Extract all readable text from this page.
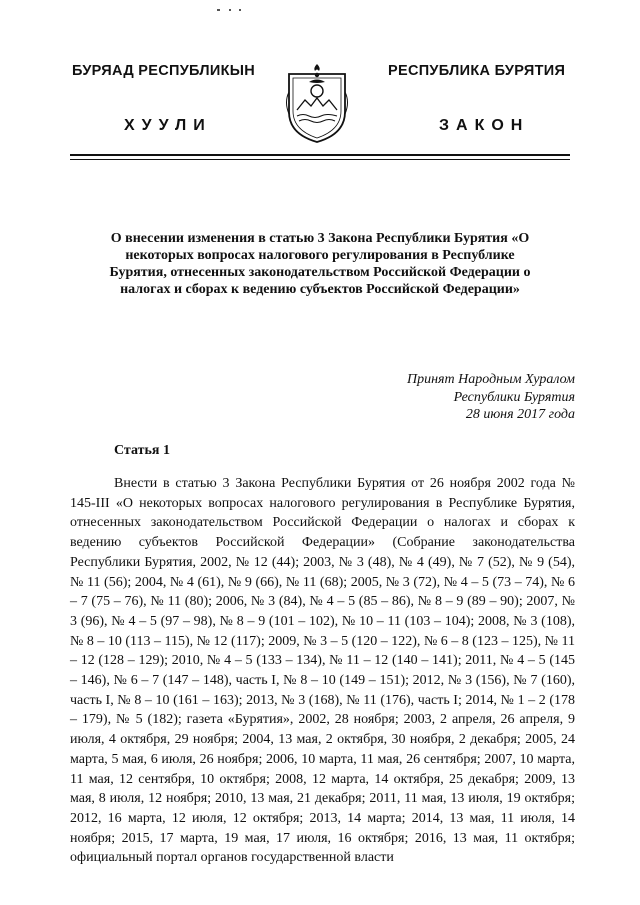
БУРЯАД РЕСПУБЛИКЫН	РЕСПУБЛИКА БУРЯТИЯ
ХУУЛИ	ЗАКОН
О внесении изменения в статью 3 Закона Республики Бурятия «О некоторых вопросах налогового регулирования в Республике Бурятия, отнесенных законодательством Российской Федерации о налогах и сборах к ведению субъектов Российской Федерации»
Принят Народным Хуралом
Республики Бурятия
28 июня 2017 года
Статья 1

Внести в статью 3 Закона Республики Бурятия от 26 ноября 2002 года № 145-III «О некоторых вопросах налогового регулирования в Республике Бурятия, отнесенных законодательством Российской Федерации о налогах и сборах к ведению субъектов Российской Федерации» (Собрание законодательства Республики Бурятия, 2002, № 12 (44); 2003, № 3 (48), № 4 (49), № 7 (52), № 9 (54), № 11 (56); 2004, № 4 (61), № 9 (66), № 11 (68); 2005, № 3 (72), № 4 – 5 (73 – 74), № 6 – 7 (75 – 76), № 11 (80); 2006, № 3 (84), № 4 – 5 (85 – 86), № 8 – 9 (89 – 90); 2007, № 3 (96), № 4 – 5 (97 – 98), № 8 – 9 (101 – 102), № 10 – 11 (103 – 104); 2008, № 3 (108), № 8 – 10 (113 – 115), № 12 (117); 2009, № 3 – 5 (120 – 122), № 6 – 8 (123 – 125), № 11 – 12 (128 – 129); 2010, № 4 – 5 (133 – 134), № 11 – 12 (140 – 141); 2011, № 4 – 5 (145 – 146), № 6 – 7 (147 – 148), часть I, № 8 – 10 (149 – 151); 2012, № 3 (156), № 7 (160), часть I, № 8 – 10 (161 – 163); 2013, № 3 (168), № 11 (176), часть I; 2014, № 1 – 2 (178 – 179), № 5 (182); газета «Бурятия», 2002, 28 ноября; 2003, 2 апреля, 26 апреля, 9 июля, 4 октября, 29 ноября; 2004, 13 мая, 2 октября, 30 ноября, 2 декабря; 2005, 24 марта, 5 мая, 6 июля, 26 ноября; 2006, 10 марта, 11 мая, 26 сентября; 2007, 10 марта, 11 мая, 12 сентября, 10 октября; 2008, 12 марта, 14 октября, 25 декабря; 2009, 13 мая, 8 июля, 12 ноября; 2010, 13 мая, 21 декабря; 2011, 11 мая, 13 июля, 19 октября; 2012, 16 марта, 12 июля, 12 октября; 2013, 14 марта; 2014, 13 мая, 11 июля, 14 ноября; 2015, 17 марта, 19 мая, 17 июля, 16 октября; 2016, 13 мая, 11 октября; официальный портал органов государственной власти
